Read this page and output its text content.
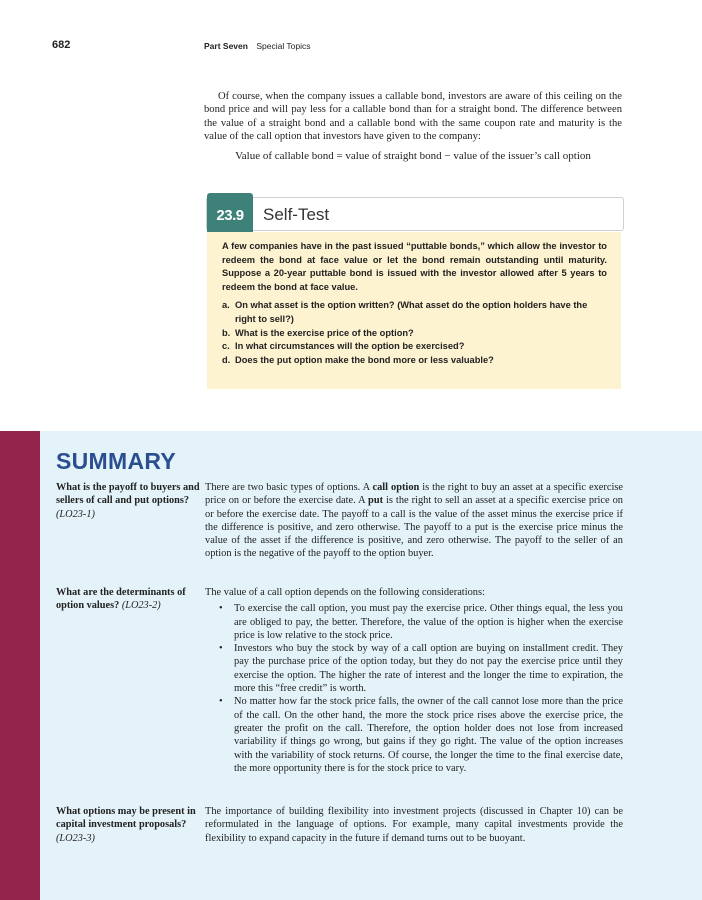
682	Part Seven Special Topics

Of course, when the company issues a callable bond, investors are aware of this ceiling on the bond price and will pay less for a callable bond than for a straight bond. The difference between the value of a straight bond and a callable bond with the same coupon rate and maturity is the value of the call option that investors have given to the company:

Value of callable bond = value of straight bond − value of the issuer’s call option

23.9	Self-Test

A few companies have in the past issued “puttable bonds,” which allow the investor to redeem the bond at face value or let the bond remain outstanding until maturity. Suppose a 20-year puttable bond is issued with the investor allowed after 5 years to redeem the bond at face value.

a. On what asset is the option written? (What asset do the option holders have the right to sell?)
b. What is the exercise price of the option?
c. In what circumstances will the option be exercised?
d. Does the put option make the bond more or less valuable?
SUMMARY
What is the payoff to buyers and sellers of call and put options? (LO23-1)

There are two basic types of options. A call option is the right to buy an asset at a specific exercise price on or before the exercise date. A put is the right to sell an asset at a specific exercise price on or before the exercise date. The payoff to a call is the value of the asset minus the exercise price if the difference is positive, and zero otherwise. The payoff to a put is the exercise price minus the value of the asset if the difference is positive, and zero otherwise. The payoff to the seller of an option is the negative of the payoff to the option buyer.

What are the determinants of option values? (LO23-2)

The value of a call option depends on the following considerations:

• To exercise the call option, you must pay the exercise price. Other things equal, the less you are obliged to pay, the better. Therefore, the value of the option is higher when the exercise price is low relative to the stock price.
• Investors who buy the stock by way of a call option are buying on installment credit. They pay the purchase price of the option today, but they do not pay the exercise price until they exercise the option. The higher the rate of interest and the longer the time to expiration, the more this “free credit” is worth.
• No matter how far the stock price falls, the owner of the call cannot lose more than the price of the call. On the other hand, the more the stock price rises above the exercise price, the greater the profit on the call. Therefore, the option holder does not lose from increased variability if things go wrong, but gains if they go right. The value of the option increases with the variability of stock returns. Of course, the longer the time to the final exercise date, the more opportunity there is for the stock price to vary.
What options may be present in capital investment proposals? (LO23-3)

The importance of building flexibility into investment projects (discussed in Chapter 10) can be reformulated in the language of options. For example, many capital investments provide the flexibility to expand capacity in the future if demand turns out to be buoyant.
